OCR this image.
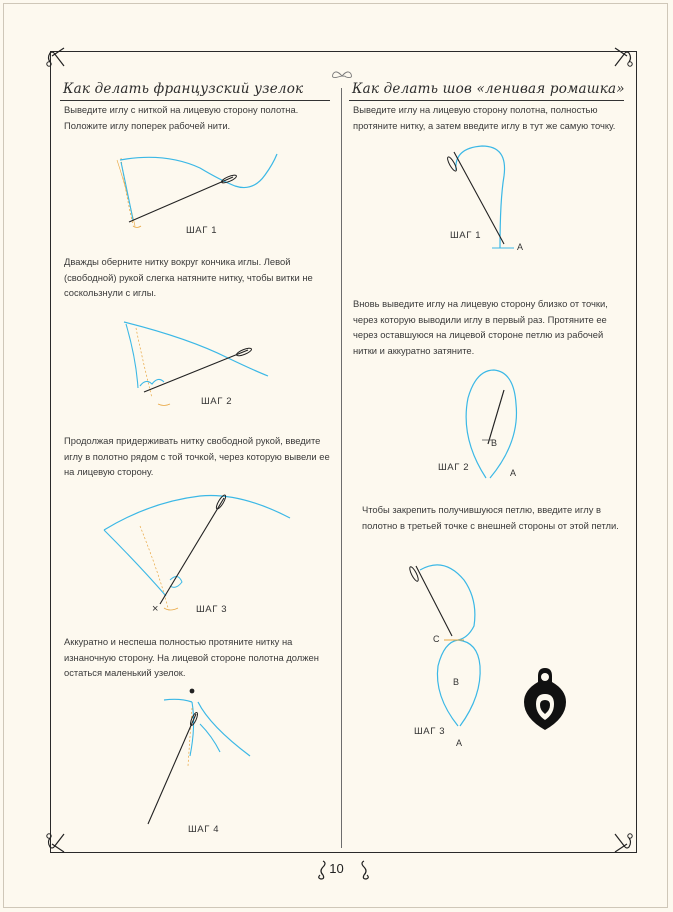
Как делать французский узелок
Выведите иглу с ниткой на лицевую сторону полотна. Положите иглу поперек рабочей нити.
ШАГ 1
Дважды оберните нитку вокруг кончика иглы. Левой (свободной) рукой слегка натяните нитку, чтобы витки не соскользнули с иглы.
ШАГ 2
Продолжая придерживать нитку свободной рукой, введите иглу в полотно рядом с той точкой, через которую вывели ее на лицевую сторону.
×	ШАГ 3
Аккуратно и неспеша полностью протяните нитку на изнаночную сторону. На лицевой стороне полотна должен остаться маленький узелок.
ШАГ 4
Как делать шов «ленивая ромашка»
Выведите иглу на лицевую сторону полотна, полностью протяните нитку, а затем введите иглу в тут же самую точку.
ШАГ 1
A
Вновь выведите иглу на лицевую сторону близко от точки, через которую выводили иглу в первый раз. Протяните ее через оставшуюся на лицевой стороне петлю из рабочей нитки и аккуратно затяните.
B
ШАГ 2	A
Чтобы закрепить получившуюся петлю, введите иглу в полотно в третьей точке с внешней стороны от этой петли.
C
B
ШАГ 3
A
10
